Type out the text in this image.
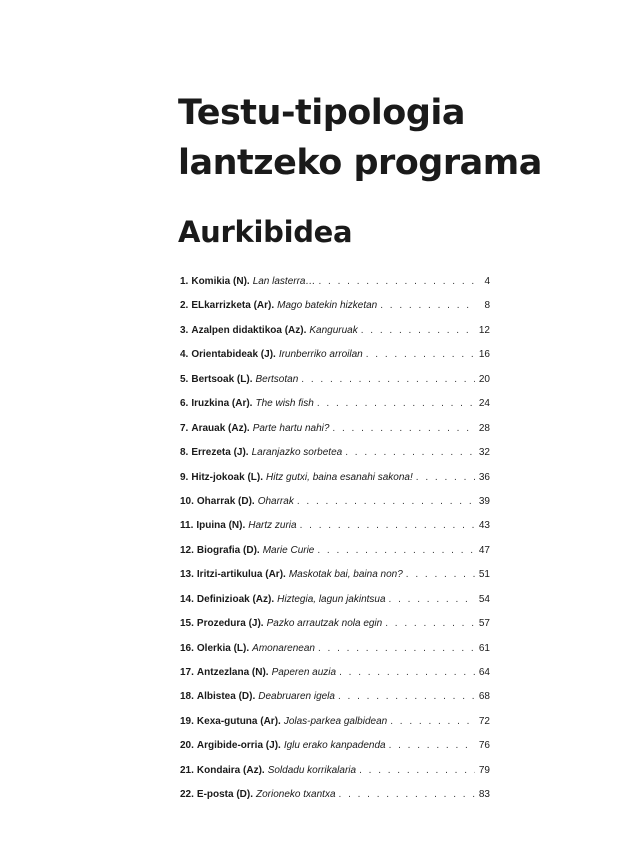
Testu-tipologia
lantzeko programa
Aurkibidea
1. Komikia (N). Lan lasterra… . . .	4
2. ELkarrizketa (Ar). Mago batekin hizketan . . .	8
3. Azalpen didaktikoa (Az). Kanguruak . . .	12
4. Orientabideak (J). Irunberriko arroilan . . .	16
5. Bertsoak (L). Bertsotan . . .	20
6. Iruzkina (Ar). The wish fish . . .	24
7. Arauak (Az). Parte hartu nahi? . . .	28
8. Errezeta (J). Laranjazko sorbetea . . .	32
9. Hitz-jokoak (L). Hitz gutxi, baina esanahi sakona! . . .	36
10. Oharrak (D). Oharrak . . .	39
11. Ipuina (N). Hartz zuria . . .	43
12. Biografia (D). Marie Curie . . .	47
13. Iritzi-artikulua (Ar). Maskotak bai, baina non? . . .	51
14. Definizioak (Az). Hiztegia, lagun jakintsua . . .	54
15. Prozedura (J). Pazko arrautzak nola egin . . .	57
16. Olerkia (L). Amonarenean . . .	61
17. Antzezlana (N). Paperen auzia . . .	64
18. Albistea (D). Deabruaren igela . . .	68
19. Kexa-gutuna (Ar). Jolas-parkea galbidean . . .	72
20. Argibide-orria (J). Iglu erako kanpadenda . . .	76
21. Kondaira (Az). Soldadu korrikalaria . . .	79
22. E-posta (D). Zorioneko txantxa . . .	83
